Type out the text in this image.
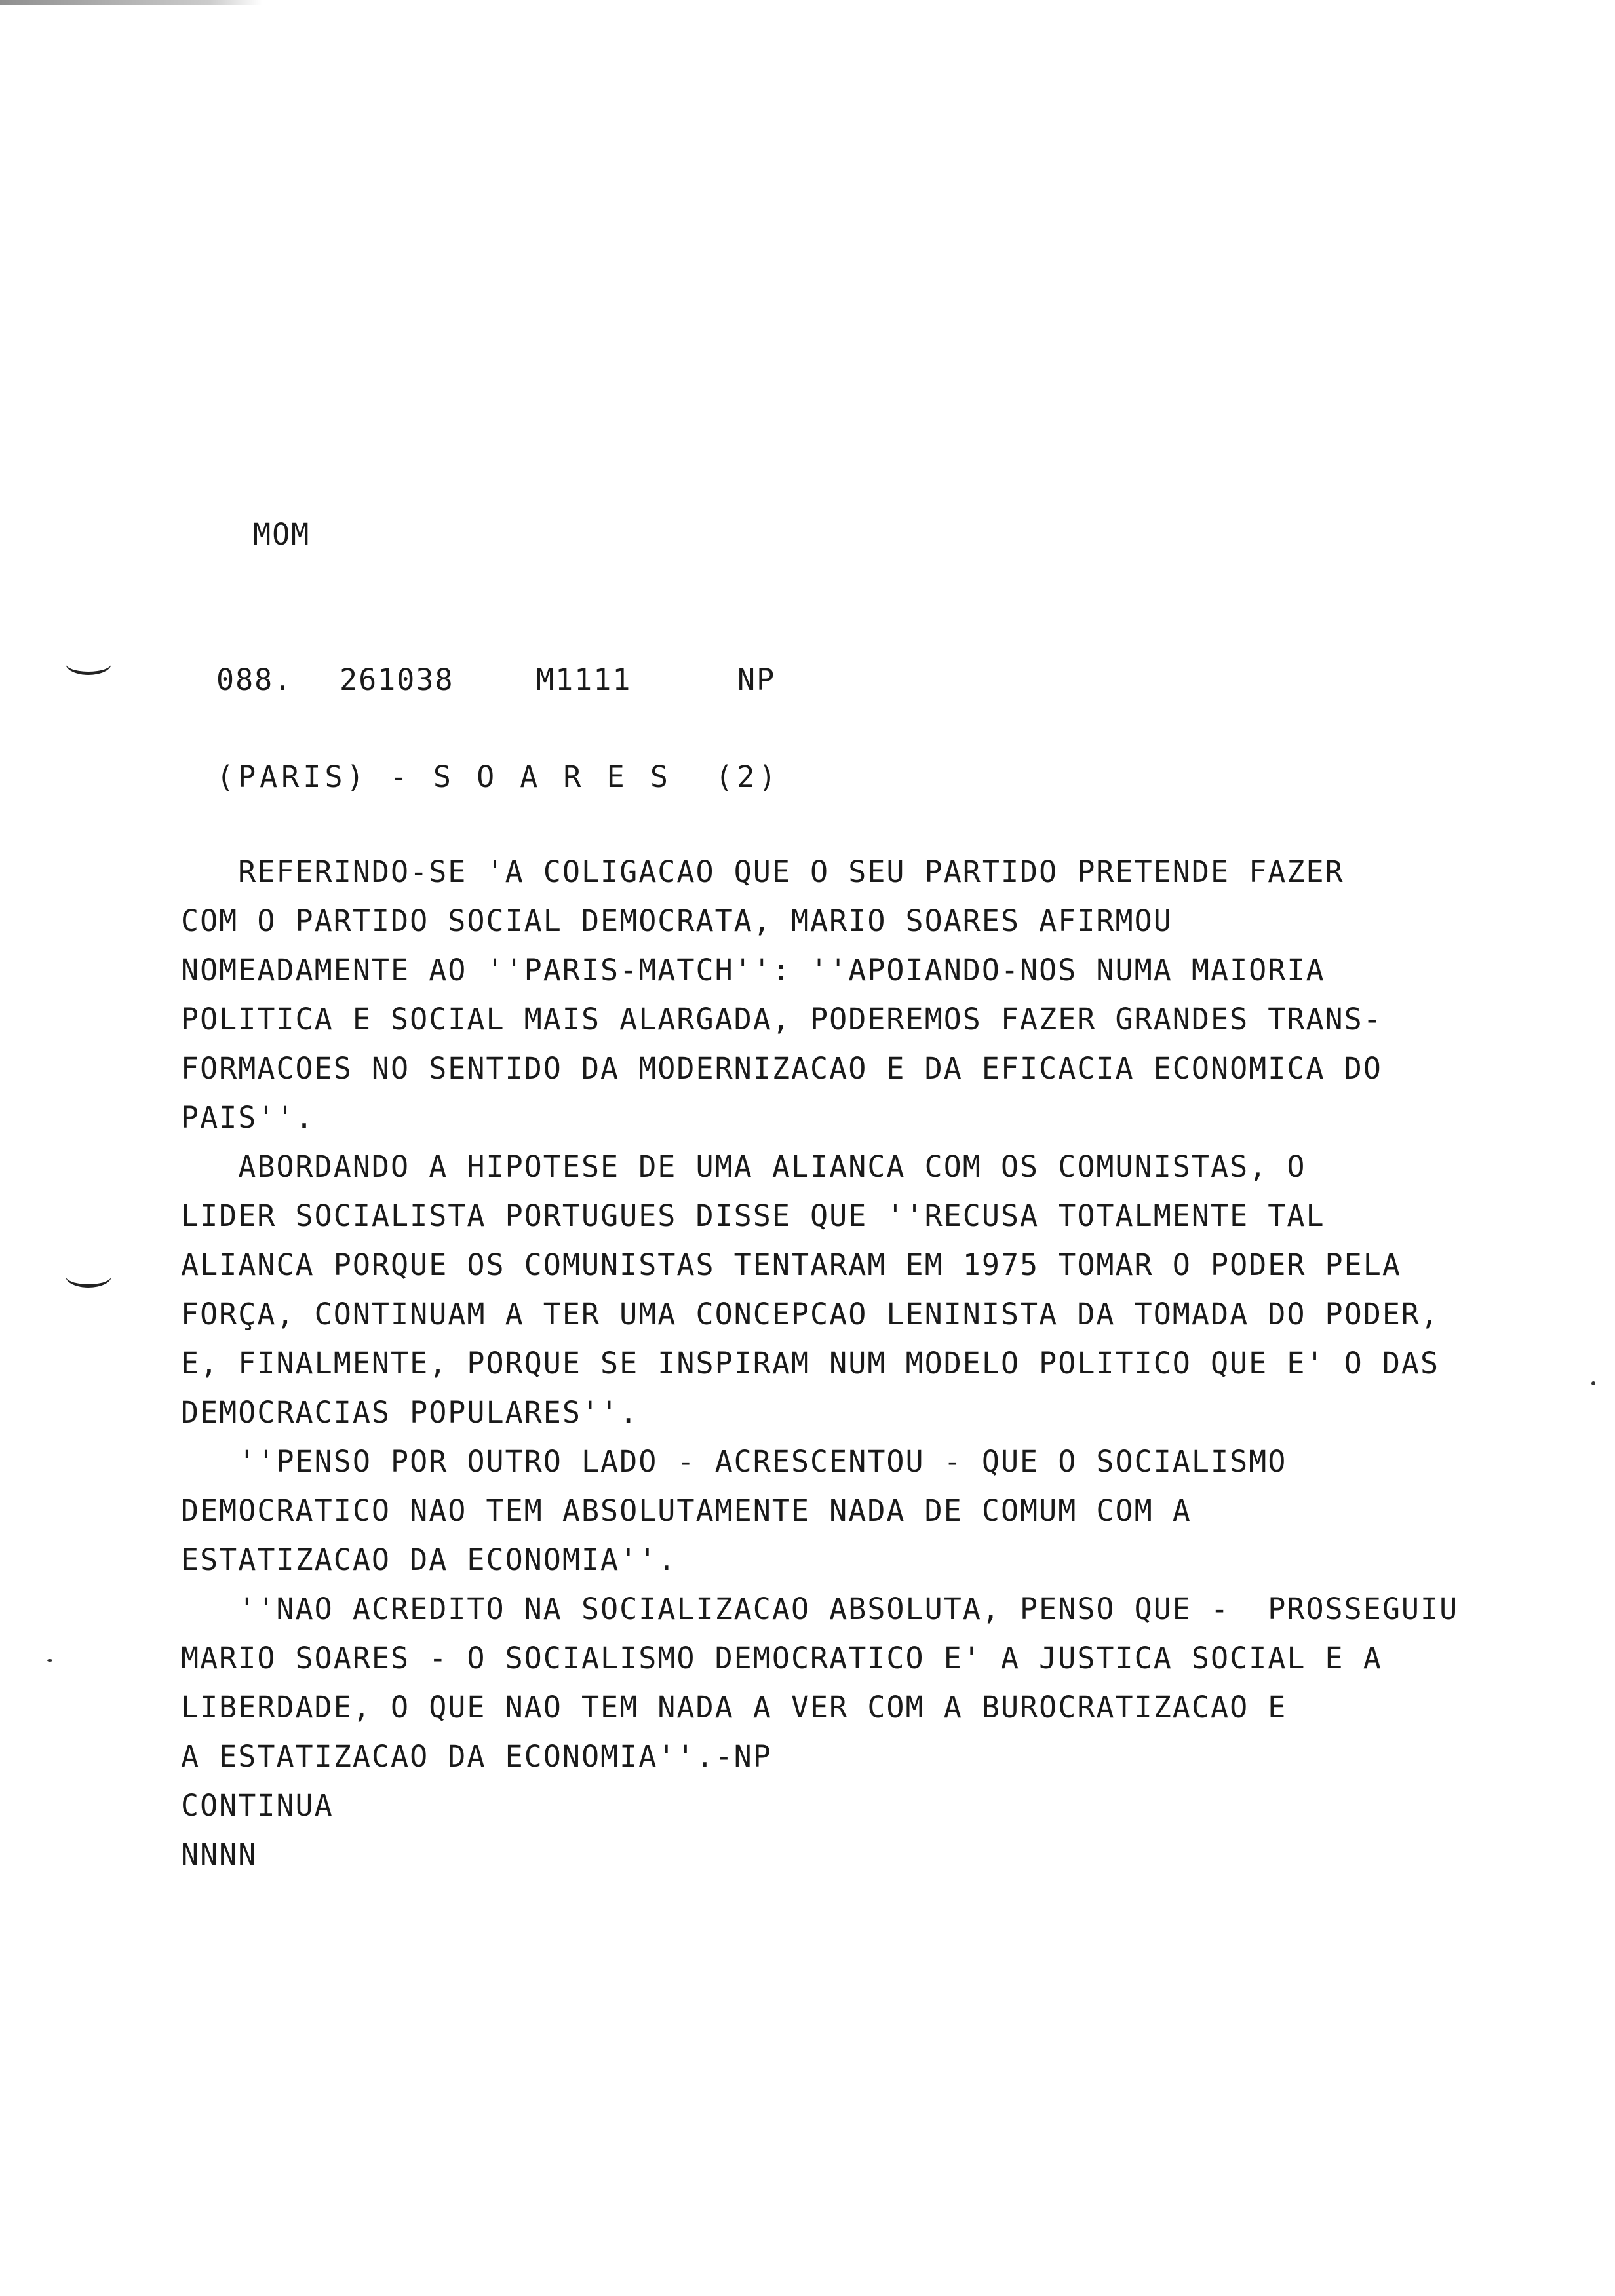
MOM
088. 261038	M1111	NP
(PARIS) - S O A R E S  (2)
REFERINDO-SE 'A COLIGACAO QUE O SEU PARTIDO PRETENDE FAZER
COM O PARTIDO SOCIAL DEMOCRATA, MARIO SOARES AFIRMOU
NOMEADAMENTE AO ''PARIS-MATCH'': ''APOIANDO-NOS NUMA MAIORIA
POLITICA E SOCIAL MAIS ALARGADA, PODEREMOS FAZER GRANDES TRANS-
FORMACOES NO SENTIDO DA MODERNIZACAO E DA EFICACIA ECONOMICA DO
PAIS''.
ABORDANDO A HIPOTESE DE UMA ALIANCA COM OS COMUNISTAS, O
LIDER SOCIALISTA PORTUGUES DISSE QUE ''RECUSA TOTALMENTE TAL
ALIANCA PORQUE OS COMUNISTAS TENTARAM EM 1975 TOMAR O PODER PELA
FORÇA, CONTINUAM A TER UMA CONCEPCAO LENINISTA DA TOMADA DO PODER,
E, FINALMENTE, PORQUE SE INSPIRAM NUM MODELO POLITICO QUE E' O DAS
DEMOCRACIAS POPULARES''.
''PENSO POR OUTRO LADO - ACRESCENTOU - QUE O SOCIALISMO
DEMOCRATICO NAO TEM ABSOLUTAMENTE NADA DE COMUM COM A
ESTATIZACAO DA ECONOMIA''.
''NAO ACREDITO NA SOCIALIZACAO ABSOLUTA, PENSO QUE -  PROSSEGUIU
MARIO SOARES - O SOCIALISMO DEMOCRATICO E' A JUSTICA SOCIAL E A
LIBERDADE, O QUE NAO TEM NADA A VER COM A BUROCRATIZACAO E
A ESTATIZACAO DA ECONOMIA''.-NP
CONTINUA
NNNN
